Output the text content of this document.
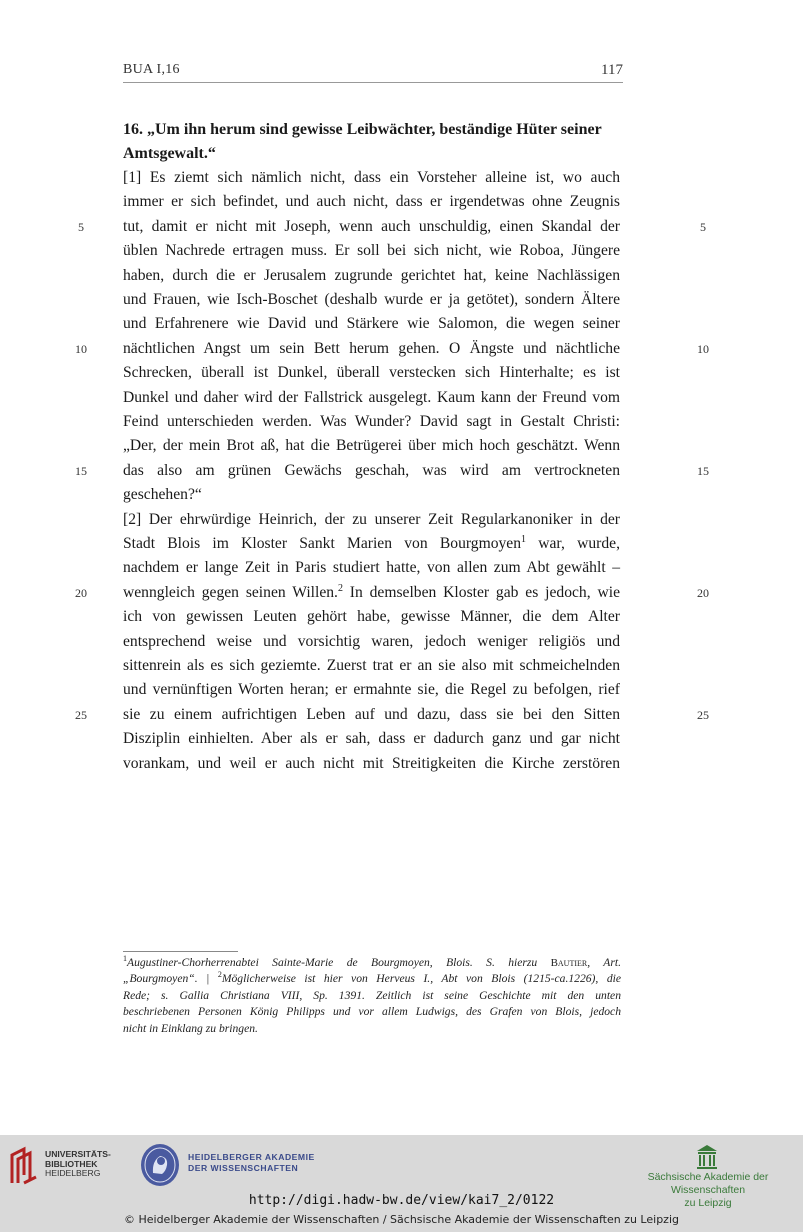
BUA I,16	117
16. „Um ihn herum sind gewisse Leibwächter, beständige Hüter seiner
Amtsgewalt.“
[1] Es ziemt sich nämlich nicht, dass ein Vorsteher alleine ist, wo auch
immer er sich befindet, und auch nicht, dass er irgendetwas ohne Zeugnis
tut, damit er nicht mit Joseph, wenn auch unschuldig, einen Skandal der
5	5
üblen Nachrede ertragen muss. Er soll bei sich nicht, wie Roboa, Jüngere
haben, durch die er Jerusalem zugrunde gerichtet hat, keine Nachlässigen
und Frauen, wie Isch-Boschet (deshalb wurde er ja getötet), sondern Ältere
und Erfahrenere wie David und Stärkere wie Salomon, die wegen seiner
nächtlichen Angst um sein Bett herum gehen. O Ängste und nächtliche
10	10
Schrecken, überall ist Dunkel, überall verstecken sich Hinterhalte; es ist
Dunkel und daher wird der Fallstrick ausgelegt. Kaum kann der Freund vom
Feind unterschieden werden. Was Wunder? David sagt in Gestalt Christi:
„Der, der mein Brot aß, hat die Betrügerei über mich hoch geschätzt. Wenn
das also am grünen Gewächs geschah, was wird am vertrockneten
15	15
geschehen?“
[2] Der ehrwürdige Heinrich, der zu unserer Zeit Regularkanoniker in der
Stadt Blois im Kloster Sankt Marien von Bourgmoyen$^1$ war, wurde,
nachdem er lange Zeit in Paris studiert hatte, von allen zum Abt gewählt –
wenngleich gegen seinen Willen.$^2$ In demselben Kloster gab es jedoch, wie
20	20
ich von gewissen Leuten gehört habe, gewisse Männer, die dem Alter
entsprechend weise und vorsichtig waren, jedoch weniger religiös und
sittenrein als es sich geziemte. Zuerst trat er an sie also mit schmeichelnden
und vernünftigen Worten heran; er ermahnte sie, die Regel zu befolgen, rief
sie zu einem aufrichtigen Leben auf und dazu, dass sie bei den Sitten
25	25
Disziplin einhielten. Aber als er sah, dass er dadurch ganz und gar nicht
vorankam, und weil er auch nicht mit Streitigkeiten die Kirche zerstören
$^1$Augustiner-Chorherrenabtei Sainte-Marie de Bourgmoyen, Blois. S. hierzu Bautier, Art.
„Bourgmoyen“. | $^2$Möglicherweise ist hier von Herveus I., Abt von Blois (1215-ca.1226), die
Rede; s. Gallia Christiana VIII, Sp. 1391. Zeitlich ist seine Geschichte mit den unten
beschriebenen Personen König Philipps und vor allem Ludwigs, des Grafen von Blois, jedoch
nicht in Einklang zu bringen.
UNIVERSITÄTS-
BIBLIOTHEK
HEIDELBERG
HEIDELBERGER AKADEMIE
DER WISSENSCHAFTEN
Sächsische Akademie der Wissenschaften
zu Leipzig
http://digi.hadw-bw.de/view/kai7_2/0122
© Heidelberger Akademie der Wissenschaften / Sächsische Akademie der Wissenschaften zu Leipzig
